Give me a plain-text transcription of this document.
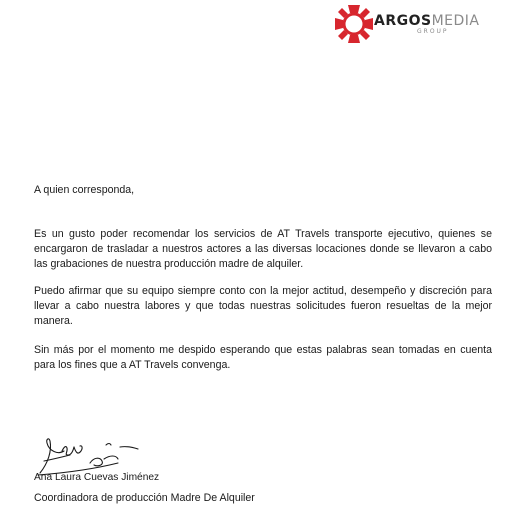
ARGOSMEDIA
GROUP

A quien corresponda,

Es un gusto poder recomendar los servicios de AT Travels transporte ejecutivo, quienes se encargaron de trasladar a nuestros actores a las diversas locaciones donde se llevaron a cabo las grabaciones de nuestra producción madre de alquiler.

Puedo afirmar que su equipo siempre conto con la mejor actitud, desempeño y discreción para llevar a cabo nuestra labores y que todas nuestras solicitudes fueron resueltas de la mejor manera.

Sin más por el momento me despido esperando que estas palabras sean tomadas en cuenta para los fines que a AT Travels convenga.

Ana Laura Cuevas Jiménez
Coordinadora de producción Madre De Alquiler
